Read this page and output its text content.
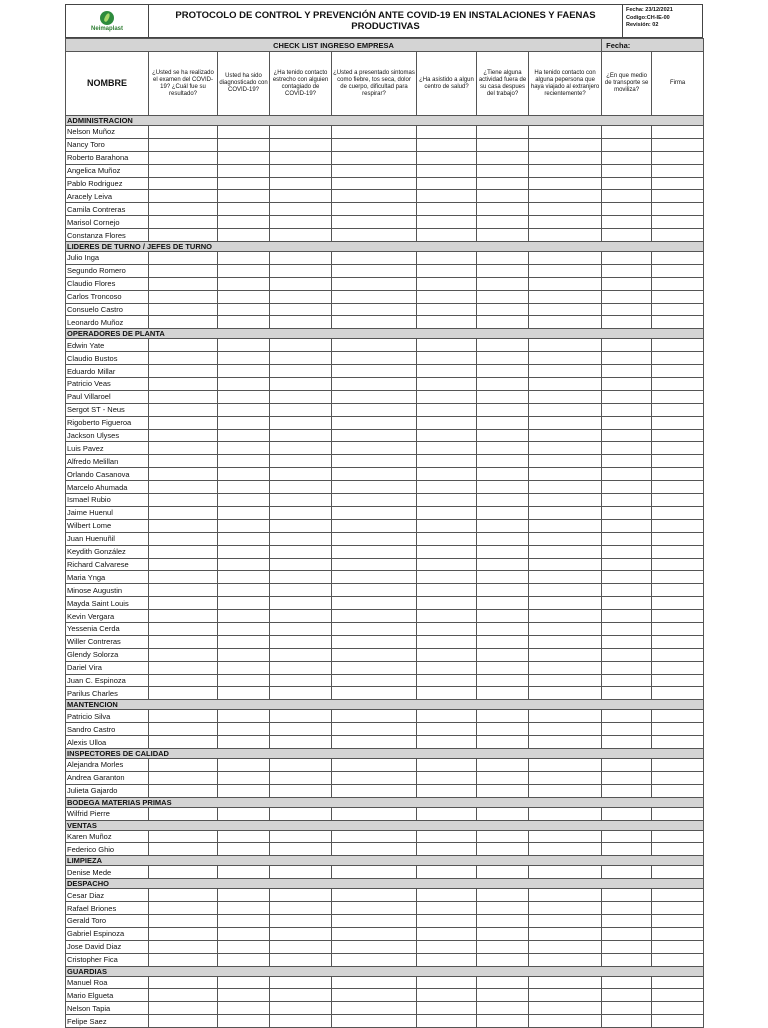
Neimaplast
PROTOCOLO DE CONTROL Y PREVENCIÓN ANTE COVID-19 EN INSTALACIONES Y FAENAS PRODUCTIVAS
Fecha: 23/12/2021
Codigo:CH-IE-00
Revisión: 02
CHECK LIST INGRESO EMPRESA								Fecha:	
NOMBRE	¿Usted se ha realizado el examen del COVID-19? ¿Cuál fue su resultado?	Usted ha sido diagnosticado con COVID-19?	¿Ha tenido contacto estrecho con alguien contagiado de COVID-19?	¿Usted a presentado sintomas como fiebre, tos seca, dolor de cuerpo, dificultad para respirar?	¿Ha asistido a algun centro de salud?	¿Tiene alguna actividad fuera de su casa despues del trabajo?	Ha tenido contacto con alguna pepersona que haya viajado al extranjero recientemente?	¿En que medio de transporte se moviliza?	Firma
ADMINISTRACION									
Nelson Muñoz									
Nancy Toro									
Roberto Barahona									
Angelica Muñoz									
Pablo Rodriguez									
Aracely Leiva									
Camila Contreras									
Marisol Cornejo									
Constanza Flores									
LIDERES DE TURNO / JEFES DE TURNO									
Julio Inga									
Segundo Romero									
Claudio Flores									
Carlos Troncoso									
Consuelo Castro									
Leonardo Muñoz									
OPERADORES DE PLANTA									
Edwin Yate									
Claudio Bustos									
Eduardo Millar									
Patricio Veas									
Paul Villaroel									
Sergot ST - Neus									
Rigoberto Figueroa									
Jackson Ulyses									
Luis Pavez									
Alfredo Melillan									
Orlando Casanova									
Marcelo Ahumada									
Ismael Rubio									
Jaime Huenul									
Wilbert Lome									
Juan Huenuñil									
Keydith González									
Richard Calvarese									
Maria Ynga									
Minose Augustin									
Mayda Saint Louis									
Kevin Vergara									
Yessenia Cerda									
Willer Contreras									
Glendy Solorza									
Dariel Vira									
Juan C. Espinoza									
Parilus Charles									
MANTENCION									
Patricio Silva									
Sandro Castro									
Alexis Ulloa									
INSPECTORES DE CALIDAD									
Alejandra Morles									
Andrea Garanton									
Julieta Gajardo									
BODEGA MATERIAS PRIMAS									
Wilfrid Pierre									
VENTAS									
Karen Muñoz									
Federico Ghio									
LIMPIEZA									
Denise Mede									
DESPACHO									
Cesar Diaz									
Rafael Briones									
Gerald Toro									
Gabriel Espinoza									
Jose David Diaz									
Cristopher Fica									
GUARDIAS									
Manuel Roa									
Mario Elgueta									
Nelson Tapia									
Felipe Saez									
